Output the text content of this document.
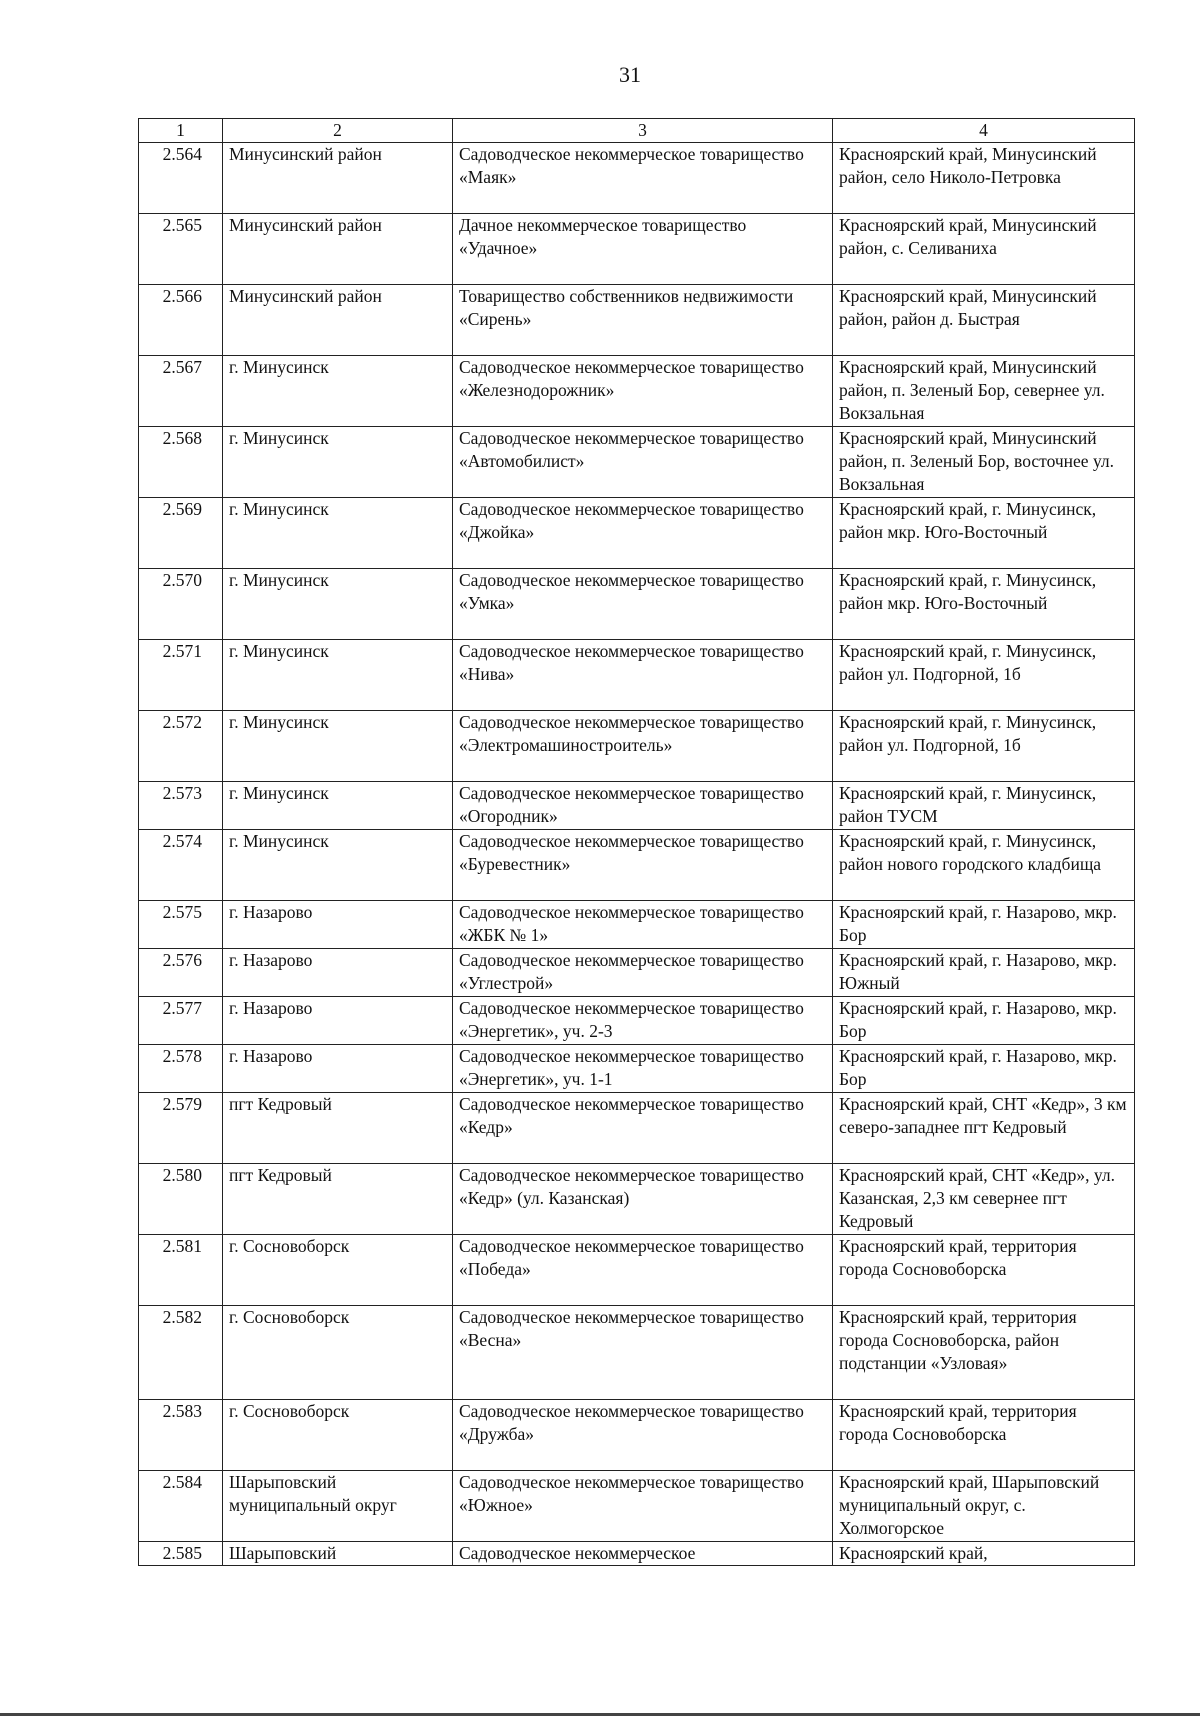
31
1	2	3	4
2.564	Минусинский район	Садоводческое некоммерческое товарищество «Маяк»	Красноярский край, Минусинский район, село Николо-Петровка
2.565	Минусинский район	Дачное некоммерческое товарищество «Удачное»	Красноярский край, Минусинский район, с. Селиваниха
2.566	Минусинский район	Товарищество собственников недвижимости «Сирень»	Красноярский край, Минусинский район, район д. Быстрая
2.567	г. Минусинск	Садоводческое некоммерческое товарищество «Железнодорожник»	Красноярский край, Минусинский район, п. Зеленый Бор, севернее ул. Вокзальная
2.568	г. Минусинск	Садоводческое некоммерческое товарищество «Автомобилист»	Красноярский край, Минусинский район, п. Зеленый Бор, восточнее ул. Вокзальная
2.569	г. Минусинск	Садоводческое некоммерческое товарищество «Джойка»	Красноярский край, г. Минусинск, район мкр. Юго-Восточный
2.570	г. Минусинск	Садоводческое некоммерческое товарищество «Умка»	Красноярский край, г. Минусинск, район мкр. Юго-Восточный
2.571	г. Минусинск	Садоводческое некоммерческое товарищество «Нива»	Красноярский край, г. Минусинск, район ул. Подгорной, 1б
2.572	г. Минусинск	Садоводческое некоммерческое товарищество «Электромашиностроитель»	Красноярский край, г. Минусинск, район ул. Подгорной, 1б
2.573	г. Минусинск	Садоводческое некоммерческое товарищество «Огородник»	Красноярский край, г. Минусинск, район ТУСМ
2.574	г. Минусинск	Садоводческое некоммерческое товарищество «Буревестник»	Красноярский край, г. Минусинск, район нового городского кладбища
2.575	г. Назарово	Садоводческое некоммерческое товарищество «ЖБК № 1»	Красноярский край, г. Назарово, мкр. Бор
2.576	г. Назарово	Садоводческое некоммерческое товарищество «Углестрой»	Красноярский край, г. Назарово, мкр. Южный
2.577	г. Назарово	Садоводческое некоммерческое товарищество «Энергетик», уч. 2-3	Красноярский край, г. Назарово, мкр. Бор
2.578	г. Назарово	Садоводческое некоммерческое товарищество «Энергетик», уч. 1-1	Красноярский край, г. Назарово, мкр. Бор
2.579	пгт Кедровый	Садоводческое некоммерческое товарищество «Кедр»	Красноярский край, СНТ «Кедр», 3 км северо-западнее пгт Кедровый
2.580	пгт Кедровый	Садоводческое некоммерческое товарищество «Кедр» (ул. Казанская)	Красноярский край, СНТ «Кедр», ул. Казанская, 2,3 км севернее пгт Кедровый
2.581	г. Сосновоборск	Садоводческое некоммерческое товарищество «Победа»	Красноярский край, территория города Сосновоборска
2.582	г. Сосновоборск	Садоводческое некоммерческое товарищество «Весна»	Красноярский край, территория города Сосновоборска, район подстанции «Узловая»
2.583	г. Сосновоборск	Садоводческое некоммерческое товарищество «Дружба»	Красноярский край, территория города Сосновоборска
2.584	Шарыповский муниципальный округ	Садоводческое некоммерческое товарищество «Южное»	Красноярский край, Шарыповский муниципальный округ, с. Холмогорское
2.585	Шарыповский	Садоводческое некоммерческое	Красноярский край,
